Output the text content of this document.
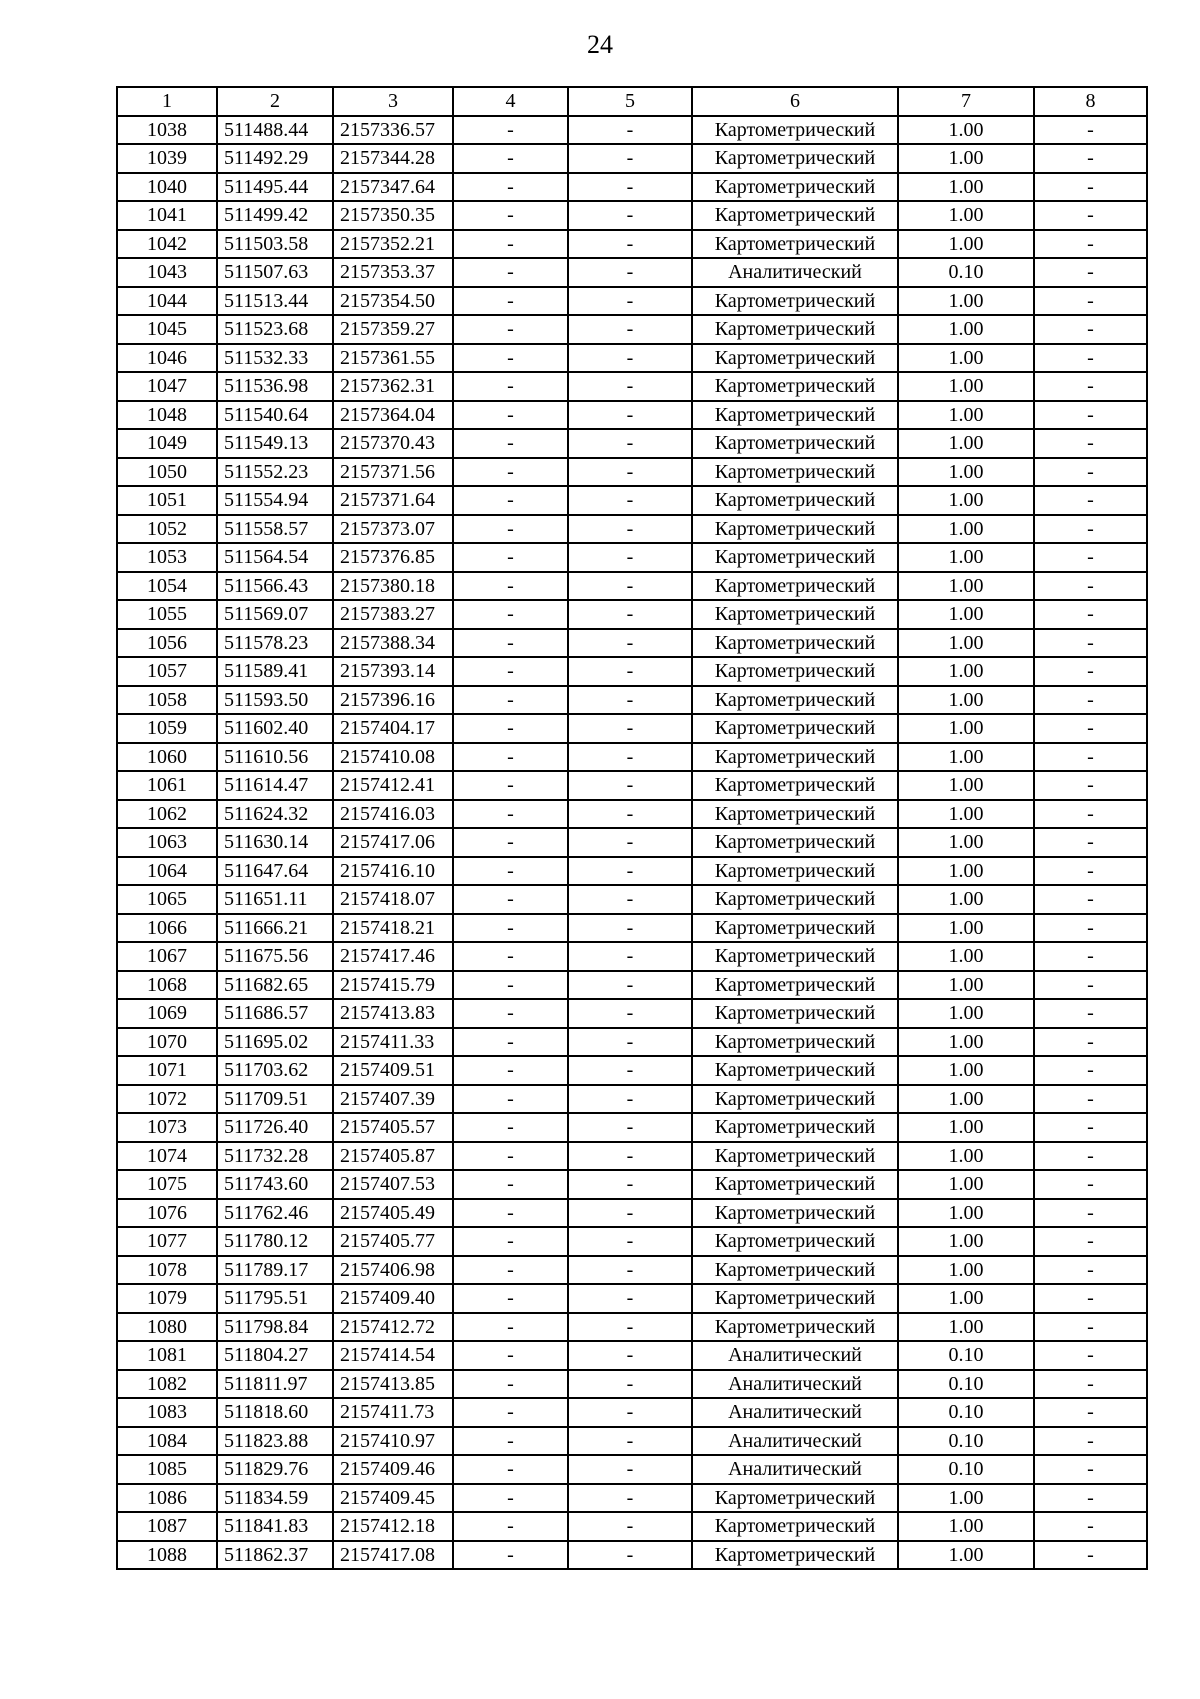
24
1	2	3	4	5	6	7	8
1038	511488.44	2157336.57	-	-	Картометрический	1.00	-
1039	511492.29	2157344.28	-	-	Картометрический	1.00	-
1040	511495.44	2157347.64	-	-	Картометрический	1.00	-
1041	511499.42	2157350.35	-	-	Картометрический	1.00	-
1042	511503.58	2157352.21	-	-	Картометрический	1.00	-
1043	511507.63	2157353.37	-	-	Аналитический	0.10	-
1044	511513.44	2157354.50	-	-	Картометрический	1.00	-
1045	511523.68	2157359.27	-	-	Картометрический	1.00	-
1046	511532.33	2157361.55	-	-	Картометрический	1.00	-
1047	511536.98	2157362.31	-	-	Картометрический	1.00	-
1048	511540.64	2157364.04	-	-	Картометрический	1.00	-
1049	511549.13	2157370.43	-	-	Картометрический	1.00	-
1050	511552.23	2157371.56	-	-	Картометрический	1.00	-
1051	511554.94	2157371.64	-	-	Картометрический	1.00	-
1052	511558.57	2157373.07	-	-	Картометрический	1.00	-
1053	511564.54	2157376.85	-	-	Картометрический	1.00	-
1054	511566.43	2157380.18	-	-	Картометрический	1.00	-
1055	511569.07	2157383.27	-	-	Картометрический	1.00	-
1056	511578.23	2157388.34	-	-	Картометрический	1.00	-
1057	511589.41	2157393.14	-	-	Картометрический	1.00	-
1058	511593.50	2157396.16	-	-	Картометрический	1.00	-
1059	511602.40	2157404.17	-	-	Картометрический	1.00	-
1060	511610.56	2157410.08	-	-	Картометрический	1.00	-
1061	511614.47	2157412.41	-	-	Картометрический	1.00	-
1062	511624.32	2157416.03	-	-	Картометрический	1.00	-
1063	511630.14	2157417.06	-	-	Картометрический	1.00	-
1064	511647.64	2157416.10	-	-	Картометрический	1.00	-
1065	511651.11	2157418.07	-	-	Картометрический	1.00	-
1066	511666.21	2157418.21	-	-	Картометрический	1.00	-
1067	511675.56	2157417.46	-	-	Картометрический	1.00	-
1068	511682.65	2157415.79	-	-	Картометрический	1.00	-
1069	511686.57	2157413.83	-	-	Картометрический	1.00	-
1070	511695.02	2157411.33	-	-	Картометрический	1.00	-
1071	511703.62	2157409.51	-	-	Картометрический	1.00	-
1072	511709.51	2157407.39	-	-	Картометрический	1.00	-
1073	511726.40	2157405.57	-	-	Картометрический	1.00	-
1074	511732.28	2157405.87	-	-	Картометрический	1.00	-
1075	511743.60	2157407.53	-	-	Картометрический	1.00	-
1076	511762.46	2157405.49	-	-	Картометрический	1.00	-
1077	511780.12	2157405.77	-	-	Картометрический	1.00	-
1078	511789.17	2157406.98	-	-	Картометрический	1.00	-
1079	511795.51	2157409.40	-	-	Картометрический	1.00	-
1080	511798.84	2157412.72	-	-	Картометрический	1.00	-
1081	511804.27	2157414.54	-	-	Аналитический	0.10	-
1082	511811.97	2157413.85	-	-	Аналитический	0.10	-
1083	511818.60	2157411.73	-	-	Аналитический	0.10	-
1084	511823.88	2157410.97	-	-	Аналитический	0.10	-
1085	511829.76	2157409.46	-	-	Аналитический	0.10	-
1086	511834.59	2157409.45	-	-	Картометрический	1.00	-
1087	511841.83	2157412.18	-	-	Картометрический	1.00	-
1088	511862.37	2157417.08	-	-	Картометрический	1.00	-
